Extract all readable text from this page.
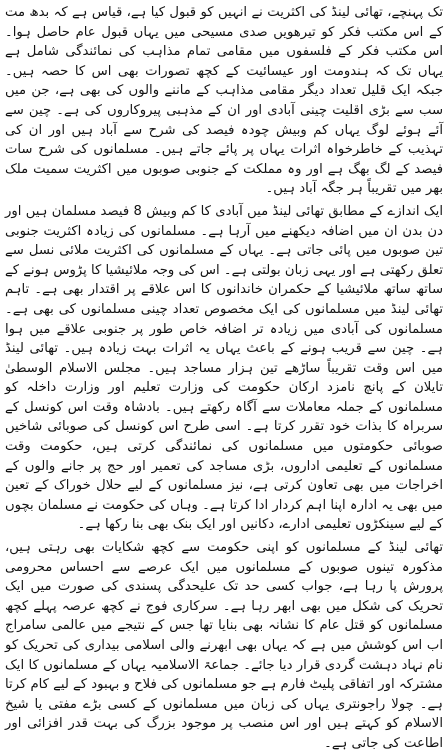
تک پہنچے، تھائی لینڈ کی اکثریت نے انہیں کو قبول کیا ہے، قیاس ہے کہ بدھ مت کے اس مکتب فکر کو تیرھویں صدی مسیحی میں یہاں قبول عام حاصل ہوا۔ اس مکتب فکر کے فلسفوں میں مقامی تمام مذاہب کی نمائندگی شامل ہے یہاں تک کہ ہندومت اور عیسائیت کے کچھ تصورات بھی اس کا حصہ ہیں۔ جبکہ ایک قلیل تعداد دیگر مقامی مذاہب کے ماننے والوں کی بھی ہے، جن میں سب سے بڑی اقلیت چینی آبادی اور ان کے مذہبی پیروکاروں کی ہے۔ چین سے آئے ہوئے لوگ یہاں کم وبیش چودہ فیصد کی شرح سے آباد ہیں اور ان کی تہذیب کے خاطرخواہ اثرات یہاں پر پائے جاتے ہیں۔ مسلمانوں کی شرح سات فیصد کے لگ بھگ ہے اور وہ مملکت کے جنوبی صوبوں میں اکثریت سمیت ملک بھر میں تقریباً ہر جگہ آباد ہیں۔

ایک اندازے کے مطابق تھائی لینڈ میں آبادی کا کم وبیش 8 فیصد مسلمان ہیں اور دن بدن ان میں اضافہ دیکھنے میں آرہا ہے۔ مسلمانوں کی زیادہ اکثریت جنوبی تین صوبوں میں پائی جاتی ہے۔ یہاں کے مسلمانوں کی اکثریت ملائی نسل سے تعلق رکھتی ہے اور یہی زبان بولتی ہے۔ اس کی وجہ ملائیشیا کا پڑوس ہونے کے ساتھ ساتھ ملائیشیا کے حکمران خاندانوں کا اس علاقے پر اقتدار بھی ہے۔ تاہم تھائی لینڈ میں مسلمانوں کی ایک مخصوص تعداد چینی مسلمانوں کی بھی ہے۔ مسلمانوں کی آبادی میں زیادہ تر اضافہ خاص طور پر جنوبی علاقے میں ہوا ہے۔ چین سے قریب ہونے کے باعث یہاں یہ اثرات بہت زیادہ ہیں۔ تھائی لینڈ میں اس وقت تقریباً ساڑھے تین ہزار مساجد ہیں۔ مجلس الاسلام الوسطیٰ تایلان کے پانچ نامزد ارکان حکومت کی وزارت تعلیم اور وزارت داخلہ کو مسلمانوں کے جملہ معاملات سے آگاہ رکھتے ہیں۔ بادشاہ وقت اس کونسل کے سربراہ کا بذات خود تقرر کرتا ہے۔ اسی طرح اس کونسل کی صوبائی شاخیں صوبائی حکومتوں میں مسلمانوں کی نمائندگی کرتی ہیں، حکومت وقت مسلمانوں کے تعلیمی اداروں، بڑی مساجد کی تعمیر اور حج پر جانے والوں کے اخراجات میں بھی تعاون کرتی ہے، نیز مسلمانوں کے لیے حلال خوراک کے تعین میں بھی یہ ادارہ اپنا اہم کردار ادا کرتا ہے۔ وہاں کی حکومت نے مسلمان بچوں کے لیے سینکڑوں تعلیمی ادارے، دکانیں اور ایک بنک بھی بنا رکھا ہے۔

تھائی لینڈ کے مسلمانوں کو اپنی حکومت سے کچھ شکایات بھی رہتی ہیں، مذکورہ تینوں صوبوں کے مسلمانوں میں ایک عرصے سے احساس محرومی پرورش پا رہا ہے، جواب کسی حد تک علیحدگی پسندی کی صورت میں ایک تحریک کی شکل میں بھی ابھر رہا ہے۔ سرکاری فوج نے کچھ عرصہ پہلے کچھ مسلمانوں کو قتل عام کا نشانہ بھی بنایا تھا جس کے نتیجے میں عالمی سامراج اب اس کوشش میں ہے کہ یہاں بھی ابھرنے والی اسلامی بیداری کی تحریک کو نام نہاد دہشت گردی قرار دیا جائے۔ جماعۃ الاسلامیہ یہاں کے مسلمانوں کا ایک مشترکہ اور اتفاقی پلیٹ فارم ہے جو مسلمانوں کی فلاح و بہبود کے لیے کام کرتا ہے۔ چولا راجونتری یہاں کی زبان میں مسلمانوں کے کسی بڑے مفتی یا شیخ الاسلام کو کہتے ہیں اور اس منصب پر موجود بزرگ کی بہت قدر افزائی اور اطاعت کی جاتی ہے۔
